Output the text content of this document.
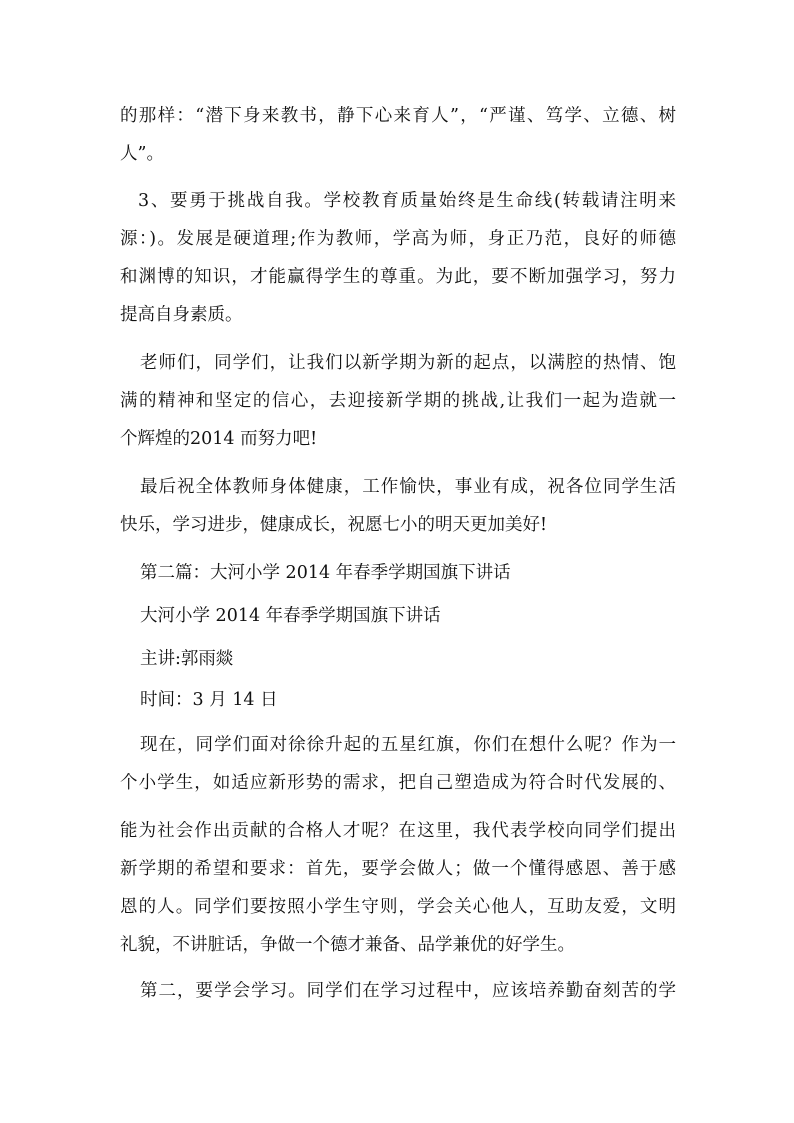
的那样：“潜下身来教书，静下心来育人”，“严谨、笃学、立德、树
人”。
3、要勇于挑战自我。学校教育质量始终是生命线(转载请注明来
源：)。发展是硬道理;作为教师，学高为师，身正乃范，良好的师德
和渊博的知识，才能赢得学生的尊重。为此，要不断加强学习，努力
提高自身素质。
老师们，同学们，让我们以新学期为新的起点，以满腔的热情、饱
满的精神和坚定的信心，去迎接新学期的挑战,让我们一起为造就一
个辉煌的2014 而努力吧!
最后祝全体教师身体健康，工作愉快，事业有成，祝各位同学生活
快乐，学习进步，健康成长，祝愿七小的明天更加美好!
第二篇：大河小学 2014 年春季学期国旗下讲话
大河小学 2014 年春季学期国旗下讲话
主讲:郭雨燚
时间：3 月 14 日
现在，同学们面对徐徐升起的五星红旗，你们在想什么呢？作为一
个小学生，如适应新形势的需求，把自己塑造成为符合时代发展的、
能为社会作出贡献的合格人才呢？在这里，我代表学校向同学们提出
新学期的希望和要求：首先，要学会做人；做一个懂得感恩、善于感
恩的人。同学们要按照小学生守则，学会关心他人，互助友爱，文明
礼貌，不讲脏话，争做一个德才兼备、品学兼优的好学生。
第二，要学会学习。同学们在学习过程中，应该培养勤奋刻苦的学
